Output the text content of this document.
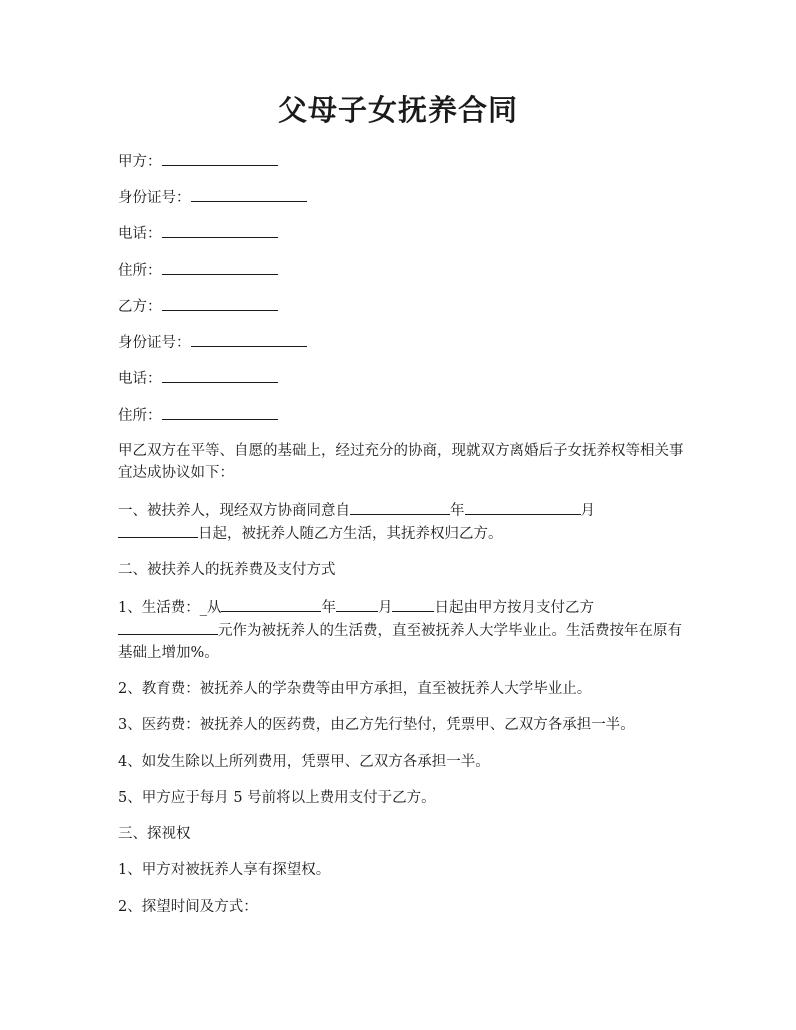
父母子女抚养合同
甲方：
身份证号：
电话：
住所：
乙方：
身份证号：
电话：
住所：
甲乙双方在平等、自愿的基础上，经过充分的协商，现就双方离婚后子女抚养权等相关事宜达成协议如下：
一、被扶养人，现经双方协商同意自	年	月
日起，被抚养人随乙方生活，其抚养权归乙方。
二、被扶养人的抚养费及支付方式
1、生活费：_从	年	月	日起由甲方按月支付乙方
元作为被抚养人的生活费，直至被抚养人大学毕业止。生活费按年在原有基础上增加%。
2、教育费：被抚养人的学杂费等由甲方承担，直至被抚养人大学毕业止。
3、医药费：被抚养人的医药费，由乙方先行垫付，凭票甲、乙双方各承担一半。
4、如发生除以上所列费用，凭票甲、乙双方各承担一半。
5、甲方应于每月 5 号前将以上费用支付于乙方。
三、探视权
1、甲方对被抚养人享有探望权。
2、探望时间及方式：
